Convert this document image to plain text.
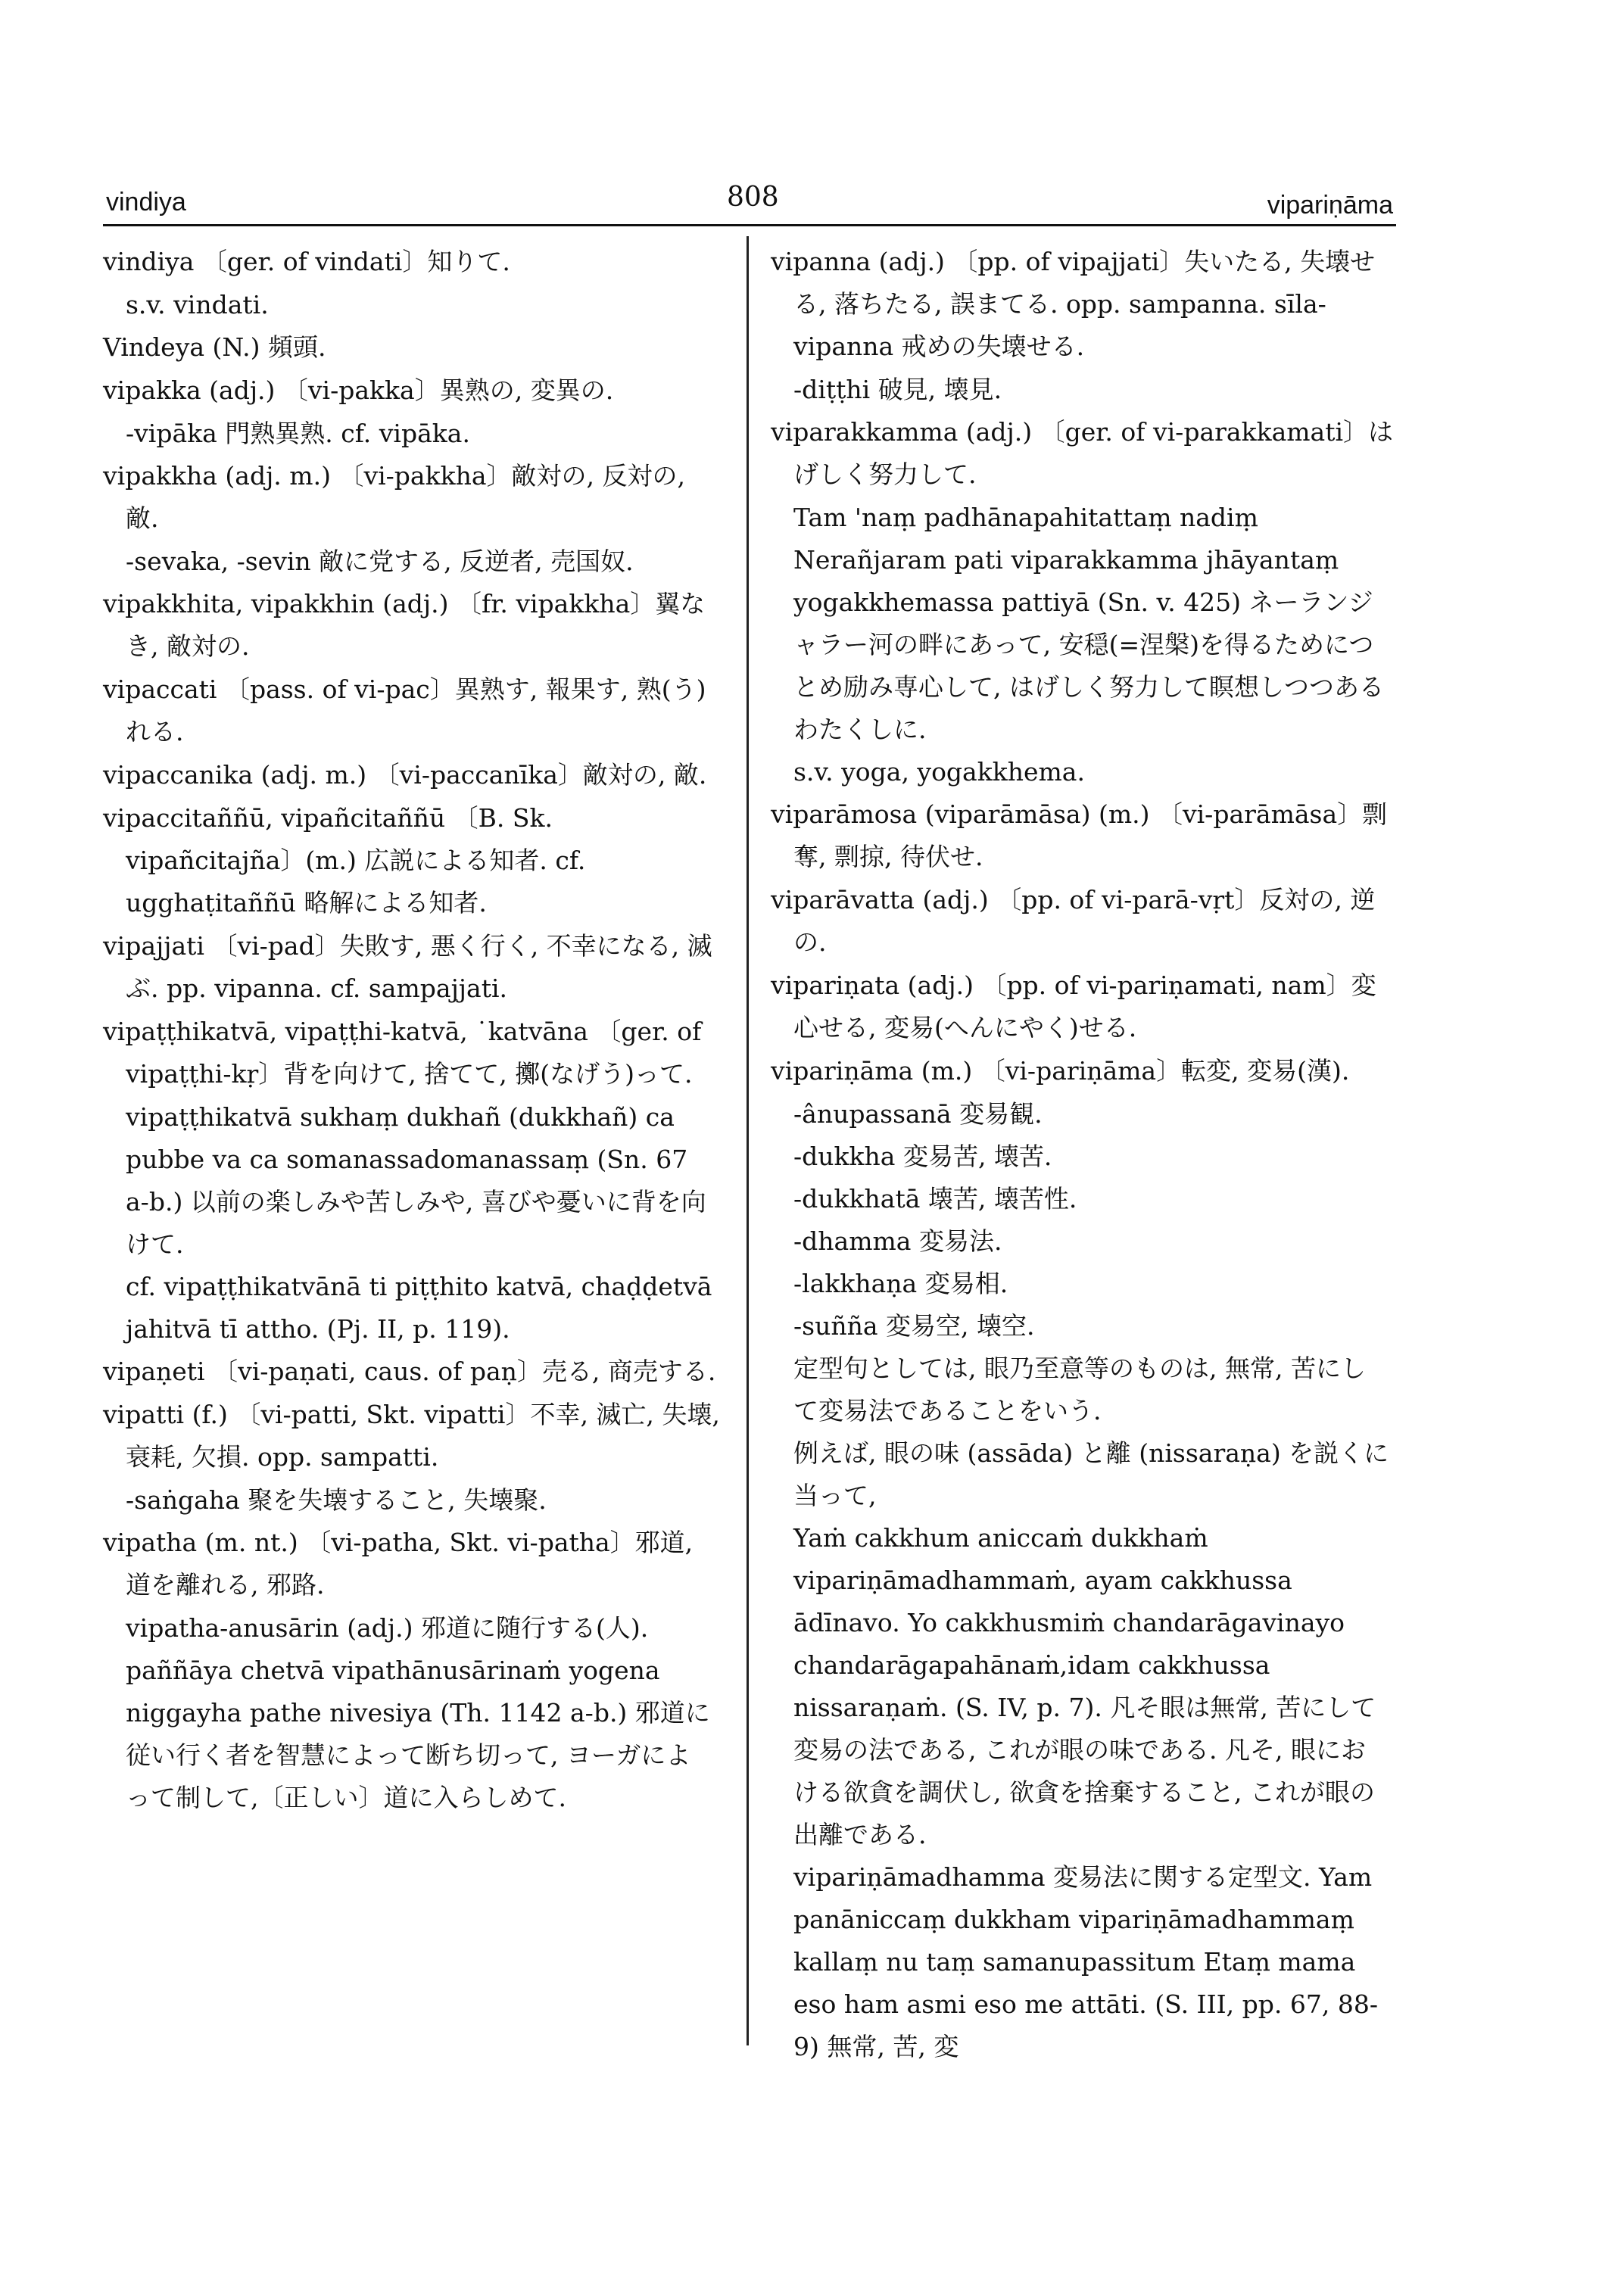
vindiya	808	vipariṇāma
vindiya 〔ger. of vindati〕知りて.
s.v. vindati.
Vindeya (N.) 頻頭.
vipakka (adj.) 〔vi-pakka〕異熟の, 変異の.
-vipāka 門熟異熟. cf. vipāka.
vipakkha (adj. m.) 〔vi-pakkha〕敵対の, 反対の, 敵.
-sevaka, -sevin 敵に党する, 反逆者, 売国奴.
vipakkhita, vipakkhin (adj.) 〔fr. vipakkha〕翼なき, 敵対の.
vipaccati 〔pass. of vi-pac〕異熟す, 報果す, 熟(う)れる.
vipaccanika (adj. m.) 〔vi-paccanīka〕敵対の, 敵.
vipaccitaññū, vipañcitaññū 〔B. Sk. vipañcitajña〕(m.) 広説による知者. cf. ugghaṭitaññū 略解による知者.
vipajjati 〔vi-pad〕失敗す, 悪く行く, 不幸になる, 滅ぶ. pp. vipanna. cf. sampajjati.
vipaṭṭhikatvā, vipaṭṭhi-katvā, ˙katvāna 〔ger. of vipaṭṭhi-kṛ〕背を向けて, 捨てて, 擲(なげう)って.
vipaṭṭhikatvā sukhaṃ dukhañ (dukkhañ) ca pubbe va ca somanassadomanassaṃ (Sn. 67 a-b.) 以前の楽しみや苦しみや, 喜びや憂いに背を向けて.
cf. vipaṭṭhikatvānā ti piṭṭhito katvā, chaḍḍetvā jahitvā tī attho. (Pj. II, p. 119).
vipaṇeti 〔vi-paṇati, caus. of paṇ〕売る, 商売する.
vipatti (f.) 〔vi-patti, Skt. vipatti〕不幸, 滅亡, 失壊, 衰耗, 欠損. opp. sampatti.
-saṅgaha 聚を失壊すること, 失壊聚.
vipatha (m. nt.) 〔vi-patha, Skt. vi-patha〕邪道, 道を離れる, 邪路.
vipatha-anusārin (adj.) 邪道に随行する(人).
paññāya chetvā vipathānusārinaṁ yogena niggayha pathe nivesiya (Th. 1142 a-b.) 邪道に従い行く者を智慧によって断ち切って, ヨーガによって制して,〔正しい〕道に入らしめて.
vipanna (adj.) 〔pp. of vipajjati〕失いたる, 失壊せる, 落ちたる, 誤まてる. opp. sampanna. sīla-vipanna 戒めの失壊せる.
-diṭṭhi 破見, 壊見.
viparakkamma (adj.) 〔ger. of vi-parakkamati〕はげしく努力して.
Tam 'naṃ padhānapahitattaṃ nadiṃ Nerañjaram pati viparakkamma jhāyantaṃ yogakkhemassa pattiyā (Sn. v. 425) ネーランジャラー河の畔にあって, 安穏(=涅槃)を得るためにつとめ励み専心して, はげしく努力して瞑想しつつあるわたくしに.
s.v. yoga, yogakkhema.
viparāmosa (viparāmāsa) (m.) 〔vi-parāmāsa〕剽奪, 剽掠, 待伏せ.
viparāvatta (adj.) 〔pp. of vi-parā-vṛt〕反対の, 逆の.
vipariṇata (adj.) 〔pp. of vi-pariṇamati, nam〕変心せる, 変易(へんにやく)せる.
vipariṇāma (m.) 〔vi-pariṇāma〕転変, 変易(漢).
-ânupassanā 変易観.
-dukkha 変易苦, 壊苦.
-dukkhatā 壊苦, 壊苦性.
-dhamma 変易法.
-lakkhaṇa 変易相.
-suñña 変易空, 壊空.
定型句としては, 眼乃至意等のものは, 無常, 苦にして変易法であることをいう.
例えば, 眼の味 (assāda) と離 (nissaraṇa) を説くに当って,
Yaṁ cakkhum aniccaṁ dukkhaṁ vipariṇāmadhammaṁ, ayam cakkhussa ādīnavo. Yo cakkhusmiṁ chandarāgavinayo chandarāgapahānaṁ,idam cakkhussa nissaraṇaṁ. (S. IV, p. 7). 凡そ眼は無常, 苦にして変易の法である, これが眼の味である. 凡そ, 眼における欲貪を調伏し, 欲貪を捨棄すること, これが眼の出離である.
vipariṇāmadhamma 変易法に関する定型文. Yam panāniccaṃ dukkham vipariṇāmadhammaṃ kallaṃ nu taṃ samanupassitum Etaṃ mama eso ham asmi eso me attāti. (S. III, pp. 67, 88-9) 無常, 苦, 変
